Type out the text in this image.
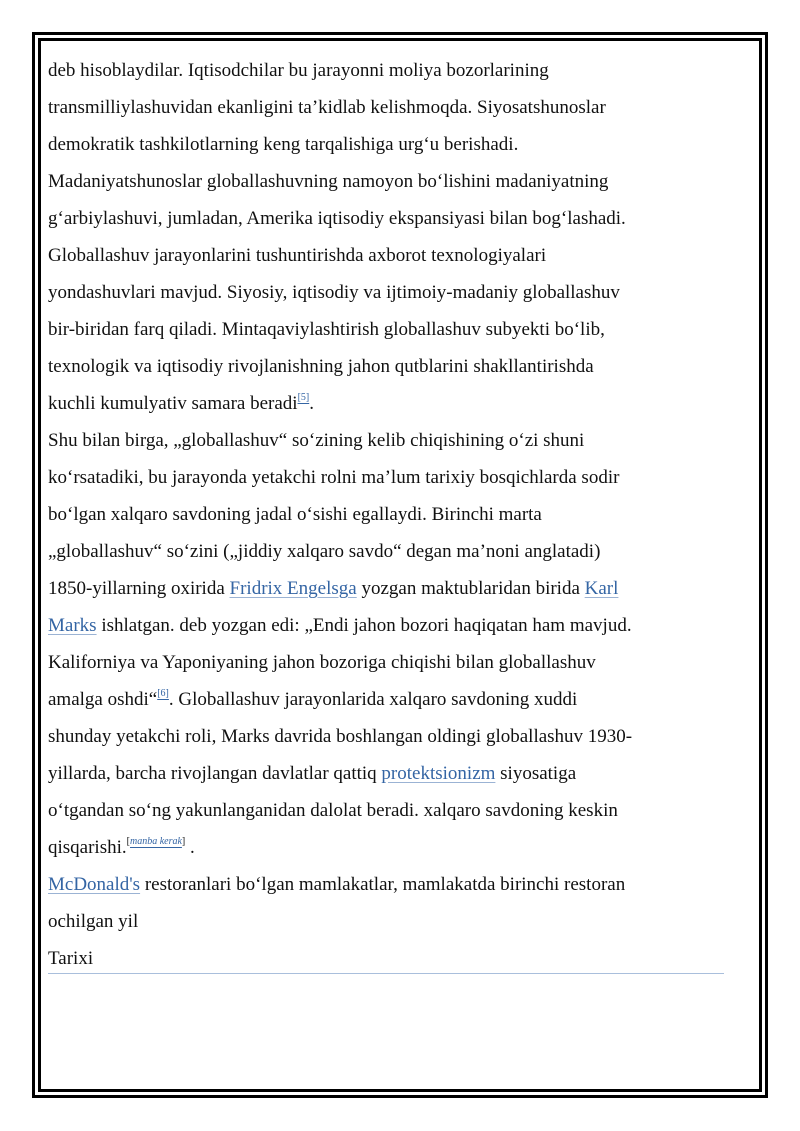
deb hisoblaydilar. Iqtisodchilar bu jarayonni moliya bozorlarining
transmilliylashuvidan ekanligini ta’kidlab kelishmoqda. Siyosatshunoslar
demokratik tashkilotlarning keng tarqalishiga urg‘u berishadi.
Madaniyatshunoslar globallashuvning namoyon bo‘lishini madaniyatning
g‘arbiylashuvi, jumladan, Amerika iqtisodiy ekspansiyasi bilan bog‘lashadi.
Globallashuv jarayonlarini tushuntirishda axborot texnologiyalari
yondashuvlari mavjud. Siyosiy, iqtisodiy va ijtimoiy-madaniy globallashuv
bir-biridan farq qiladi. Mintaqaviylashtirish globallashuv subyekti bo‘lib,
texnologik va iqtisodiy rivojlanishning jahon qutblarini shakllantirishda
kuchli kumulyativ samara beradi[5].
Shu bilan birga, „globallashuv“ so‘zining kelib chiqishining o‘zi shuni
ko‘rsatadiki, bu jarayonda yetakchi rolni ma’lum tarixiy bosqichlarda sodir
bo‘lgan xalqaro savdoning jadal o‘sishi egallaydi. Birinchi marta
„globallashuv“ so‘zini („jiddiy xalqaro savdo“ degan ma’noni anglatadi)
1850-yillarning oxirida Fridrix Engelsga yozgan maktublaridan birida Karl
Marks ishlatgan. deb yozgan edi: „Endi jahon bozori haqiqatan ham mavjud.
Kaliforniya va Yaponiyaning jahon bozoriga chiqishi bilan globallashuv
amalga oshdi“[6]. Globallashuv jarayonlarida xalqaro savdoning xuddi
shunday yetakchi roli, Marks davrida boshlangan oldingi globallashuv 1930-
yillarda, barcha rivojlangan davlatlar qattiq protektsionizm siyosatiga
o‘tgandan so‘ng yakunlanganidan dalolat beradi. xalqaro savdoning keskin
qisqarishi.[manba kerak] .
McDonald's restoranlari bo‘lgan mamlakatlar, mamlakatda birinchi restoran
ochilgan yil
Tarixi
